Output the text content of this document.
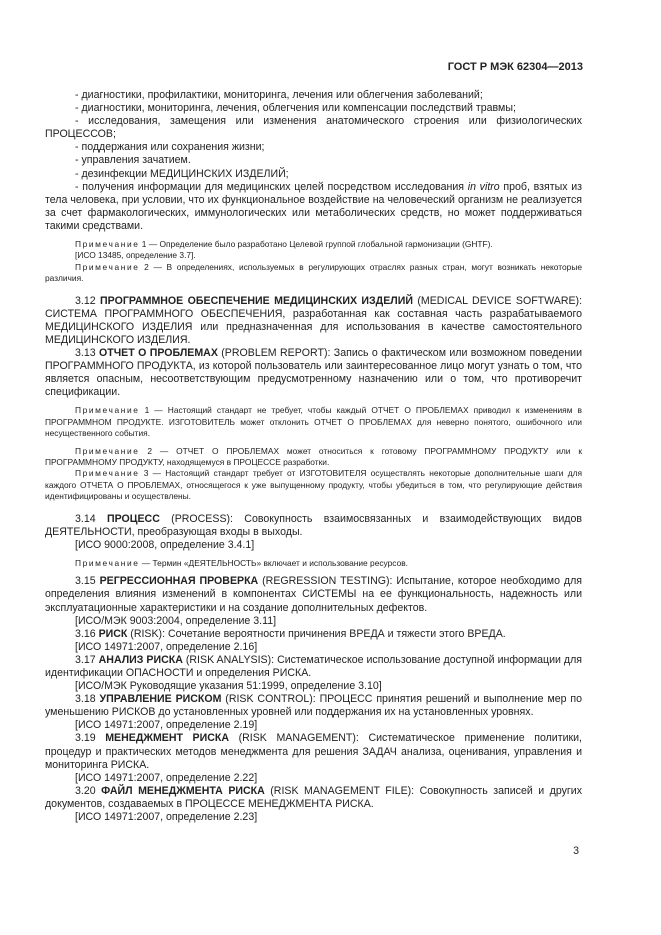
ГОСТ Р МЭК 62304—2013

- диагностики, профилактики, мониторинга, лечения или облегчения заболеваний;

- диагностики, мониторинга, лечения, облегчения или компенсации последствий травмы;

- исследования, замещения или изменения анатомического строения или физиологических ПРОЦЕССОВ;

- поддержания или сохранения жизни;

- управления зачатием.

- дезинфекции МЕДИЦИНСКИХ ИЗДЕЛИЙ;

- получения информации для медицинских целей посредством исследования in vitro проб, взятых из тела человека, при условии, что их функциональное воздействие на человеческий организм не реализуется за счет фармакологических, иммунологических или метаболических средств, но может поддерживаться такими средствами.

Примечание 1 — Определение было разработано Целевой группой глобальной гармонизации (GHTF).

[ИСО 13485, определение 3.7].

Примечание 2 — В определениях, используемых в регулирующих отраслях разных стран, могут возникать некоторые различия.

3.12 ПРОГРАММНОЕ ОБЕСПЕЧЕНИЕ МЕДИЦИНСКИХ ИЗДЕЛИЙ (MEDICAL DEVICE SOFTWARE): СИСТЕМА ПРОГРАММНОГО ОБЕСПЕЧЕНИЯ, разработанная как составная часть разрабатываемого МЕДИЦИНСКОГО ИЗДЕЛИЯ или предназначенная для использования в качестве самостоятельного МЕДИЦИНСКОГО ИЗДЕЛИЯ.

3.13 ОТЧЕТ О ПРОБЛЕМАХ (PROBLEM REPORT): Запись о фактическом или возможном поведении ПРОГРАММНОГО ПРОДУКТА, из которой пользователь или заинтересованное лицо могут узнать о том, что является опасным, несоответствующим предусмотренному назначению или о том, что противоречит спецификации.

Примечание 1 — Настоящий стандарт не требует, чтобы каждый ОТЧЕТ О ПРОБЛЕМАХ приводил к изменениям в ПРОГРАММНОМ ПРОДУКТЕ. ИЗГОТОВИТЕЛЬ может отклонить ОТЧЕТ О ПРОБЛЕМАХ для неверно понятого, ошибочного или несущественного события.

Примечание 2 — ОТЧЕТ О ПРОБЛЕМАХ может относиться к готовому ПРОГРАММНОМУ ПРОДУКТУ или к ПРОГРАММНОМУ ПРОДУКТУ, находящемуся в ПРОЦЕССЕ разработки.

Примечание 3 — Настоящий стандарт требует от ИЗГОТОВИТЕЛЯ осуществлять некоторые дополнительные шаги для каждого ОТЧЕТА О ПРОБЛЕМАХ, относящегося к уже выпущенному продукту, чтобы убедиться в том, что регулирующие действия идентифицированы и осуществлены.

3.14 ПРОЦЕСС (PROCESS): Совокупность взаимосвязанных и взаимодействующих видов ДЕЯТЕЛЬНОСТИ, преобразующая входы в выходы.

[ИСО 9000:2008, определение 3.4.1]

Примечание — Термин «ДЕЯТЕЛЬНОСТЬ» включает и использование ресурсов.

3.15 РЕГРЕССИОННАЯ ПРОВЕРКА (REGRESSION TESTING): Испытание, которое необходимо для определения влияния изменений в компонентах СИСТЕМЫ на ее функциональность, надежность или эксплуатационные характеристики и на создание дополнительных дефектов.

[ИСО/МЭК 9003:2004, определение 3.11]

3.16 РИСК (RISK): Сочетание вероятности причинения ВРЕДА и тяжести этого ВРЕДА.

[ИСО 14971:2007, определение 2.16]

3.17 АНАЛИЗ РИСКА (RISK ANALYSIS): Систематическое использование доступной информации для идентификации ОПАСНОСТИ и определения РИСКА.

[ИСО/МЭК Руководящие указания 51:1999, определение 3.10]

3.18 УПРАВЛЕНИЕ РИСКОМ (RISK CONTROL): ПРОЦЕСС принятия решений и выполнение мер по уменьшению РИСКОВ до установленных уровней или поддержания их на установленных уровнях.

[ИСО 14971:2007, определение 2.19]

3.19 МЕНЕДЖМЕНТ РИСКА (RISK MANAGEMENT): Систематическое применение политики, процедур и практических методов менеджмента для решения ЗАДАЧ анализа, оценивания, управления и мониторинга РИСКА.

[ИСО 14971:2007, определение 2.22]

3.20 ФАЙЛ МЕНЕДЖМЕНТА РИСКА (RISK MANAGEMENT FILE): Совокупность записей и других документов, создаваемых в ПРОЦЕССЕ МЕНЕДЖМЕНТА РИСКА.

[ИСО 14971:2007, определение 2.23]

3
